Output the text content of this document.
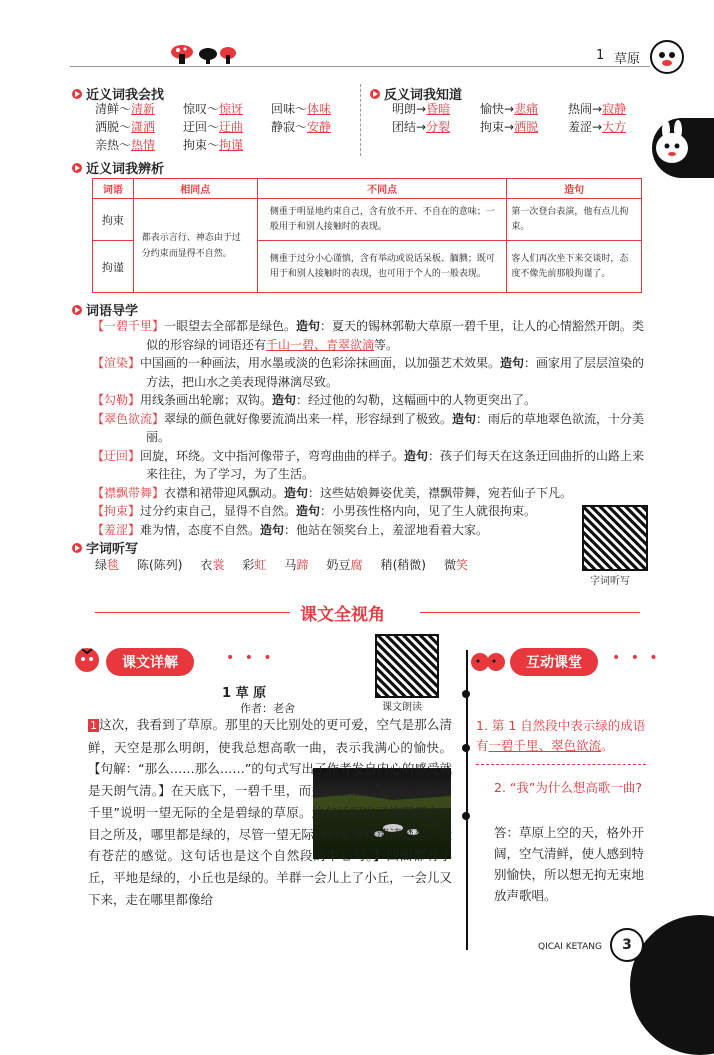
1 草原
近义词我会找
清鲜～清新 惊叹～惊讶 回味～体味
洒脱～潇洒 迂回～迂曲 静寂～安静
亲热～热情 拘束～拘谨
反义词我知道
明朗→昏暗 愉快→悲痛 热闹→寂静
团结→分裂 拘束→洒脱 羞涩→大方
近义词我辨析
词语	相同点	不同点	造句
拘束	都表示言行、神态由于过分约束而显得不自然。	侧重于明显地约束自己，含有放不开、不自在的意味；一般用于和别人接触时的表现。	第一次登台表演，他有点儿拘束。
拘谨		侧重于过分小心谨慎，含有举动或说话呆板、腼腆；既可用于和别人接触时的表现，也可用于个人的一般表现。	客人们再次坐下来交谈时，态度不像先前那般拘谨了。
词语导学
【一碧千里】一眼望去全部都是绿色。造句：夏天的锡林郭勒大草原一碧千里，让人的心情豁然开朗。类似的形容绿的词语还有千山一碧、青翠欲滴等。
【渲染】中国画的一种画法，用水墨或淡的色彩涂抹画面，以加强艺术效果。造句：画家用了层层渲染的方法，把山水之美表现得淋漓尽致。
【勾勒】用线条画出轮廓；双钩。造句：经过他的勾勒，这幅画中的人物更突出了。
【翠色欲流】翠绿的颜色就好像要流淌出来一样，形容绿到了极致。造句：雨后的草地翠色欲流，十分美丽。
【迂回】回旋，环绕。文中指河像带子，弯弯曲曲的样子。造句：孩子们每天在这条迂回曲折的山路上来来往往，为了学习，为了生活。
【襟飘带舞】衣襟和裙带迎风飘动。造句：这些姑娘舞姿优美，襟飘带舞，宛若仙子下凡。
【拘束】过分约束自己，显得不自然。造句：小男孩性格内向，见了生人就很拘束。
【羞涩】难为情，态度不自然。造句：他站在领奖台上，羞涩地看着大家。
字词听写
绿毯 陈(陈列) 衣裳 彩虹 马蹄 奶豆腐 稍(稍微) 微笑
字词听写
课文全视角
课文详解	• • •
课文朗读
1 草 原
作者：老舍
1 这次，我看到了草原。那里的天比别处的更可爱，空气是那么清鲜，天空是那么明朗，使我总想高歌一曲，表示我满心的愉快。【句解：“那么……那么……”的句式写出了作者发自内心的感受就是天朗气清。】在天底下，一碧千里，而并不茫茫。【句解：“一碧千里”说明一望无际的全是碧绿的草原。这句话写出了放眼望去，目之所及，哪里都是绿的，尽管一望无际但仍是那样清清楚楚，没有苍茫的感觉。这句话也是这个自然段的中心句。】四面都有小丘，平地是绿的，小丘也是绿的。羊群一会儿上了小丘，一会儿又下来，走在哪里都像给
互动课堂	• • •
1. 第 1 自然段中表示绿的成语有一碧千里、翠色欲流。
2. “我”为什么想高歌一曲?
答：草原上空的天，格外开阔，空气清鲜，使人感到特别愉快，所以想无拘无束地放声歌唱。
QICAI KETANG 3
